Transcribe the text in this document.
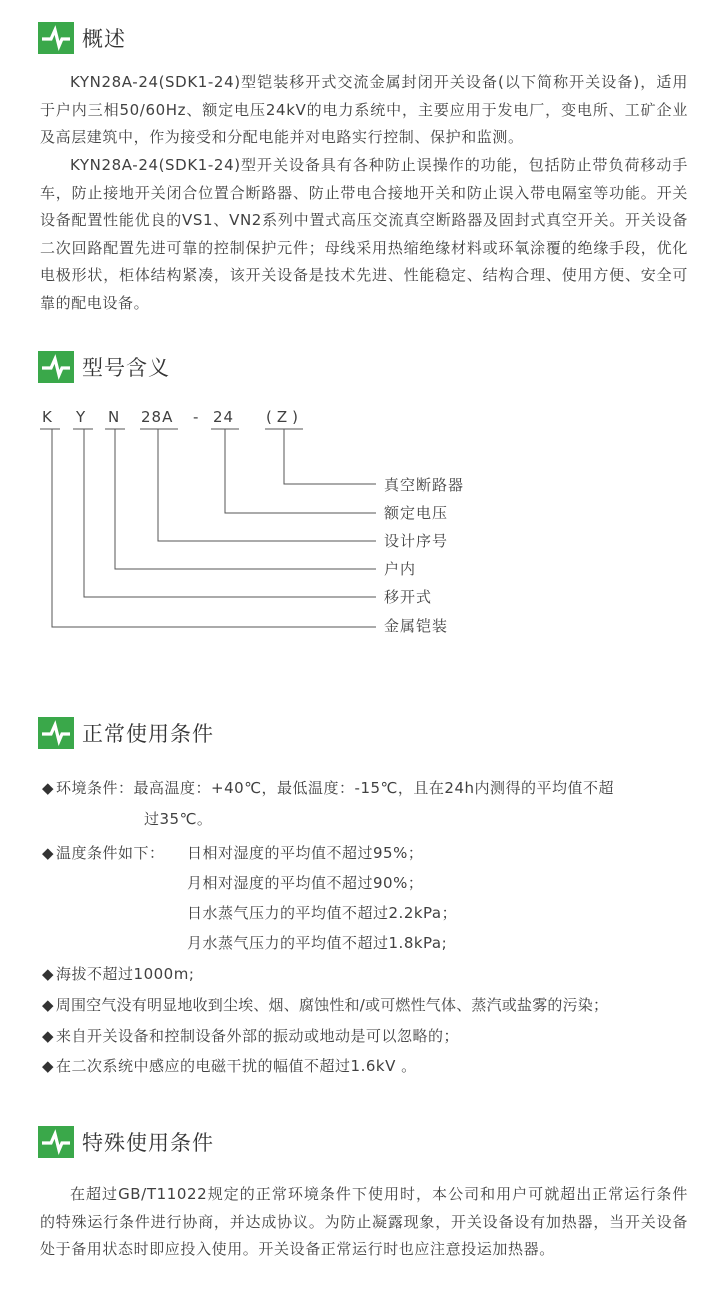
概述

KYN28A-24(SDK1-24)型铠装移开式交流金属封闭开关设备(以下简称开关设备)，适用于户内三相50/60Hz、额定电压24kV的电力系统中，主要应用于发电厂，变电所、工矿企业及高层建筑中，作为接受和分配电能并对电路实行控制、保护和监测。

KYN28A-24(SDK1-24)型开关设备具有各种防止误操作的功能，包括防止带负荷移动手车，防止接地开关闭合位置合断路器、防止带电合接地开关和防止误入带电隔室等功能。开关设备配置性能优良的VS1、VN2系列中置式高压交流真空断路器及固封式真空开关。开关设备二次回路配置先进可靠的控制保护元件；母线采用热缩绝缘材料或环氧涂覆的绝缘手段，优化电极形状，柜体结构紧凑，该开关设备是技术先进、性能稳定、结构合理、使用方便、安全可靠的配电设备。

型号含义
K Y N 28A - 24 (Z)
真空断路器
额定电压
设计序号
户内
移开式
金属铠装
正常使用条件
◆ 环境条件：最高温度：+40℃，最低温度：-15℃，且在24h内测得的平均值不超
过35℃。
◆ 温度条件如下： 日相对湿度的平均值不超过95%；
月相对湿度的平均值不超过90%；
日水蒸气压力的平均值不超过2.2kPa；
月水蒸气压力的平均值不超过1.8kPa;
◆ 海拔不超过1000m;
◆ 周围空气没有明显地收到尘埃、烟、腐蚀性和/或可燃性气体、蒸汽或盐雾的污染；
◆ 来自开关设备和控制设备外部的振动或地动是可以忽略的；
◆ 在二次系统中感应的电磁干扰的幅值不超过1.6kV 。
特殊使用条件

在超过GB/T11022规定的正常环境条件下使用时，本公司和用户可就超出正常运行条件的特殊运行条件进行协商，并达成协议。为防止凝露现象，开关设备设有加热器，当开关设备处于备用状态时即应投入使用。开关设备正常运行时也应注意投运加热器。
